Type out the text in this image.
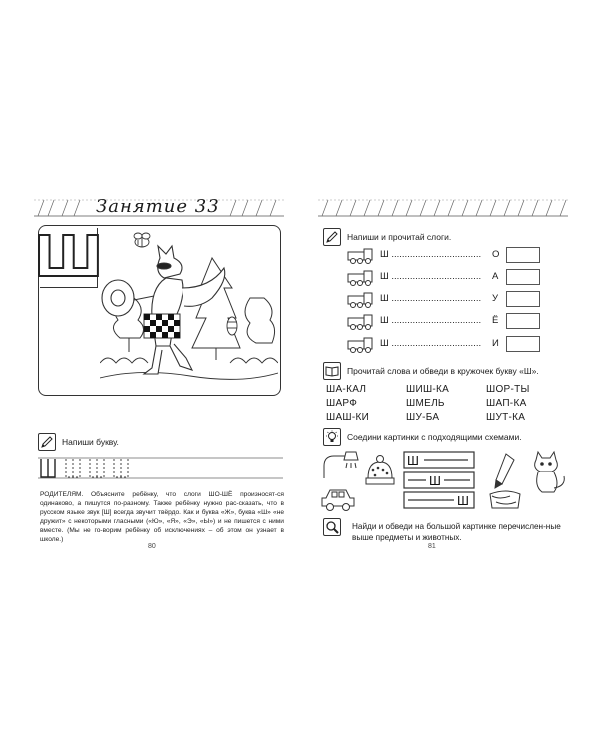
Занятие 33
Ш
Напиши букву.
РОДИТЕЛЯМ. Объясните ребёнку, что слоги ШО-ШЁ произносят-ся одинаково, а пишутся по-разному. Также ребёнку нужно рас-сказать, что в русском языке звук [Ш] всегда звучит твёрдо. Как и буква «Ж», буква «Ш» «не дружит» с некоторыми гласными («Ю», «Я», «Э», «Ы») и не пишется с ними вместе. (Мы не го-ворим ребёнку об исключениях – об этом он узнает в школе.)
80
Напиши и прочитай слоги.
Ш ..................................	О
Ш ..................................	А
Ш ..................................	У
Ш ..................................	Ё
Ш ..................................	И
Прочитай слова и обведи в кружочек букву «Ш».
ША-КАЛ	ШИШ-КА	ШОР-ТЫ
ШАРФ	ШМЕЛЬ	ШАП-КА
ШАШ-КИ	ШУ-БА	ШУТ-КА
Соедини картинки с подходящими схемами.
Ш
Ш
Ш
Найди и обведи на большой картинке перечислен-ные выше предметы и животных.
81
